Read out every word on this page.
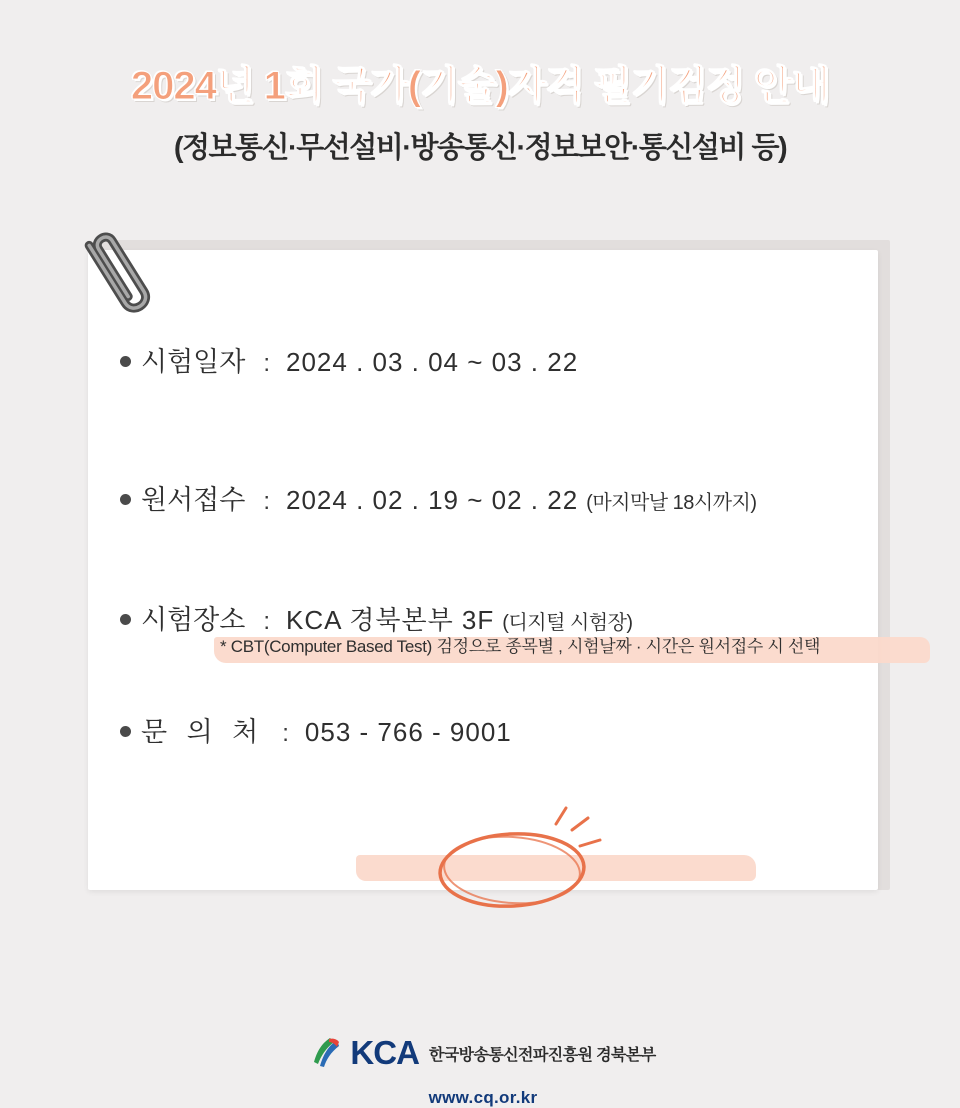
2024년 1회 국가(기술)자격 필기검정 안내
(정보통신·무선설비·방송통신·정보보안·통신설비 등)
시험일자 : 2024 . 03 . 04 ~ 03 . 22
* CBT(Computer Based Test) 검정으로 종목별 , 시험날짜 · 시간은 원서접수 시 선택
원서접수 : 2024 . 02 . 19 ~ 02 . 22 (마지막날 18시까지)
시험장소 : KCA 경북본부 3F (디지털 시험장)
문 의 처 : 053 - 766 - 9001
KCA 한국방송통신전파진흥원 경북본부
www.cq.or.kr
